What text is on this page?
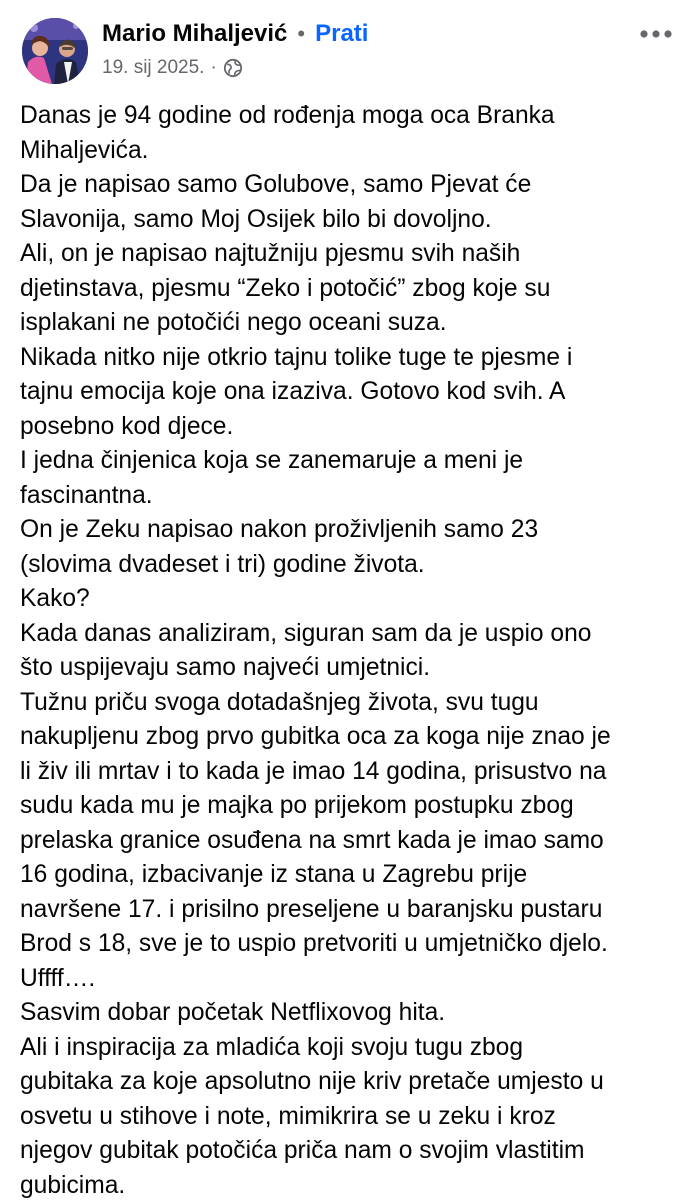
Mario Mihaljević • Prati
19. sij 2025. ·
Danas je 94 godine od rođenja moga oca Branka
Mihaljevića.
Da je napisao samo Golubove, samo Pjevat će
Slavonija, samo Moj Osijek bilo bi dovoljno.
Ali, on je napisao najtužniju pjesmu svih naših
djetinstava, pjesmu “Zeko i potočić” zbog koje su
isplakani ne potočići nego oceani suza.
Nikada nitko nije otkrio tajnu tolike tuge te pjesme i
tajnu emocija koje ona izaziva. Gotovo kod svih. A
posebno kod djece.
I jedna činjenica koja se zanemaruje a meni je
fascinantna.
On je Zeku napisao nakon proživljenih samo 23
(slovima dvadeset i tri) godine života.
Kako?
Kada danas analiziram, siguran sam da je uspio ono
što uspijevaju samo najveći umjetnici.
Tužnu priču svoga dotadašnjeg života, svu tugu
nakupljenu zbog prvo gubitka oca za koga nije znao je
li živ ili mrtav i to kada je imao 14 godina, prisustvo na
sudu kada mu je majka po prijekom postupku zbog
prelaska granice osuđena na smrt kada je imao samo
16 godina, izbacivanje iz stana u Zagrebu prije
navršene 17. i prisilno preseljene u baranjsku pustaru
Brod s 18, sve je to uspio pretvoriti u umjetničko djelo.
Uffff….
Sasvim dobar početak Netflixovog hita.
Ali i inspiracija za mladića koji svoju tugu zbog
gubitaka za koje apsolutno nije kriv pretače umjesto u
osvetu u stihove i note, mimikrira se u zeku i kroz
njegov gubitak potočića priča nam o svojim vlastitim
gubicima.
